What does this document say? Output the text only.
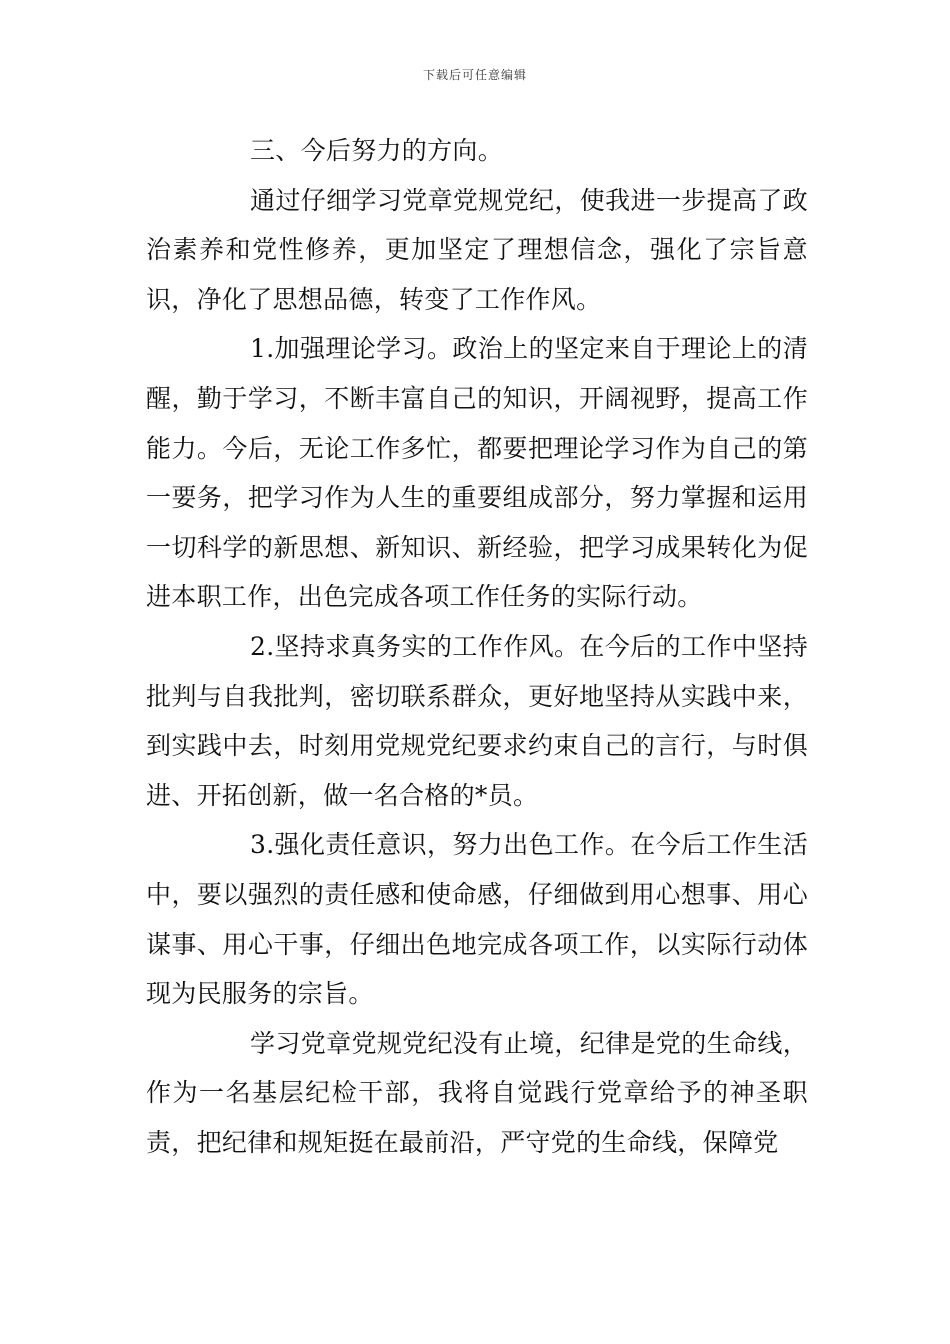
下载后可任意编辑

三、今后努力的方向。

通过仔细学习党章党规党纪，使我进一步提高了政治素养和党性修养，更加坚定了理想信念，强化了宗旨意识，净化了思想品德，转变了工作作风。

1.加强理论学习。政治上的坚定来自于理论上的清醒，勤于学习，不断丰富自己的知识，开阔视野，提高工作能力。今后，无论工作多忙，都要把理论学习作为自己的第一要务，把学习作为人生的重要组成部分，努力掌握和运用一切科学的新思想、新知识、新经验，把学习成果转化为促进本职工作，出色完成各项工作任务的实际行动。

2.坚持求真务实的工作作风。在今后的工作中坚持批判与自我批判，密切联系群众，更好地坚持从实践中来，到实践中去，时刻用党规党纪要求约束自己的言行，与时俱进、开拓创新，做一名合格的*员。

3.强化责任意识，努力出色工作。在今后工作生活中，要以强烈的责任感和使命感，仔细做到用心想事、用心谋事、用心干事，仔细出色地完成各项工作，以实际行动体现为民服务的宗旨。

学习党章党规党纪没有止境，纪律是党的生命线，作为一名基层纪检干部，我将自觉践行党章给予的神圣职责，把纪律和规矩挺在最前沿，严守党的生命线，保障党
